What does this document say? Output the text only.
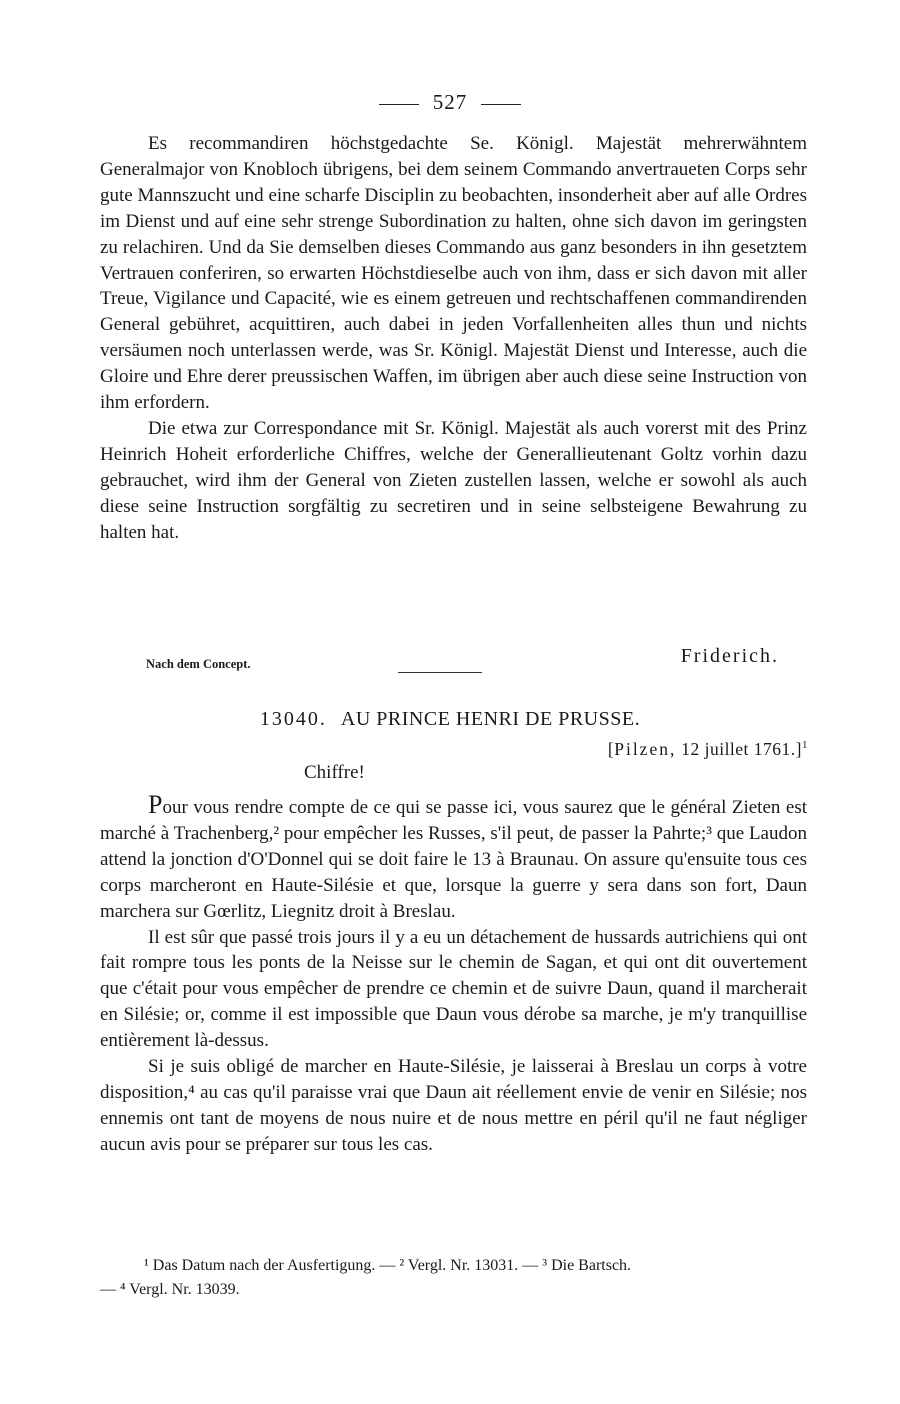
527

Es recommandiren höchstgedachte Se. Königl. Majestät mehrerwähntem Generalmajor von Knobloch übrigens, bei dem seinem Commando anvertraueten Corps sehr gute Mannszucht und eine scharfe Disciplin zu beobachten, insonderheit aber auf alle Ordres im Dienst und auf eine sehr strenge Subordination zu halten, ohne sich davon im geringsten zu relachiren. Und da Sie demselben dieses Commando aus ganz besonders in ihn gesetztem Vertrauen conferiren, so erwarten Höchstdieselbe auch von ihm, dass er sich davon mit aller Treue, Vigilance und Capacité, wie es einem getreuen und rechtschaffenen commandirenden General gebühret, acquittiren, auch dabei in jeden Vorfallenheiten alles thun und nichts versäumen noch unterlassen werde, was Sr. Königl. Majestät Dienst und Interesse, auch die Gloire und Ehre derer preussischen Waffen, im übrigen aber auch diese seine Instruction von ihm erfordern.

Die etwa zur Correspondance mit Sr. Königl. Majestät als auch vorerst mit des Prinz Heinrich Hoheit erforderliche Chiffres, welche der Generallieutenant Goltz vorhin dazu gebrauchet, wird ihm der General von Zieten zustellen lassen, welche er sowohl als auch diese seine Instruction sorgfältig zu secretiren und in seine selbsteigene Bewahrung zu halten hat.

Nach dem Concept.	Friderich.
13040. AU PRINCE HENRI DE PRUSSE.
[Pilzen, 12 juillet 1761.]$^1$
Chiffre!

Pour vous rendre compte de ce qui se passe ici, vous saurez que le général Zieten est marché à Trachenberg,² pour empêcher les Russes, s'il peut, de passer la Pahrte;³ que Laudon attend la jonction d'O'Donnel qui se doit faire le 13 à Braunau. On assure qu'ensuite tous ces corps marcheront en Haute-Silésie et que, lorsque la guerre y sera dans son fort, Daun marchera sur Gœrlitz, Liegnitz droit à Breslau.

Il est sûr que passé trois jours il y a eu un détachement de hussards autrichiens qui ont fait rompre tous les ponts de la Neisse sur le chemin de Sagan, et qui ont dit ouvertement que c'était pour vous empêcher de prendre ce chemin et de suivre Daun, quand il marcherait en Silésie; or, comme il est impossible que Daun vous dérobe sa marche, je m'y tranquillise entièrement là-dessus.

Si je suis obligé de marcher en Haute-Silésie, je laisserai à Breslau un corps à votre disposition,⁴ au cas qu'il paraisse vrai que Daun ait réellement envie de venir en Silésie; nos ennemis ont tant de moyens de nous nuire et de nous mettre en péril qu'il ne faut négliger aucun avis pour se préparer sur tous les cas.

¹ Das Datum nach der Ausfertigung. — ² Vergl. Nr. 13031. — ³ Die Bartsch.

— ⁴ Vergl. Nr. 13039.
